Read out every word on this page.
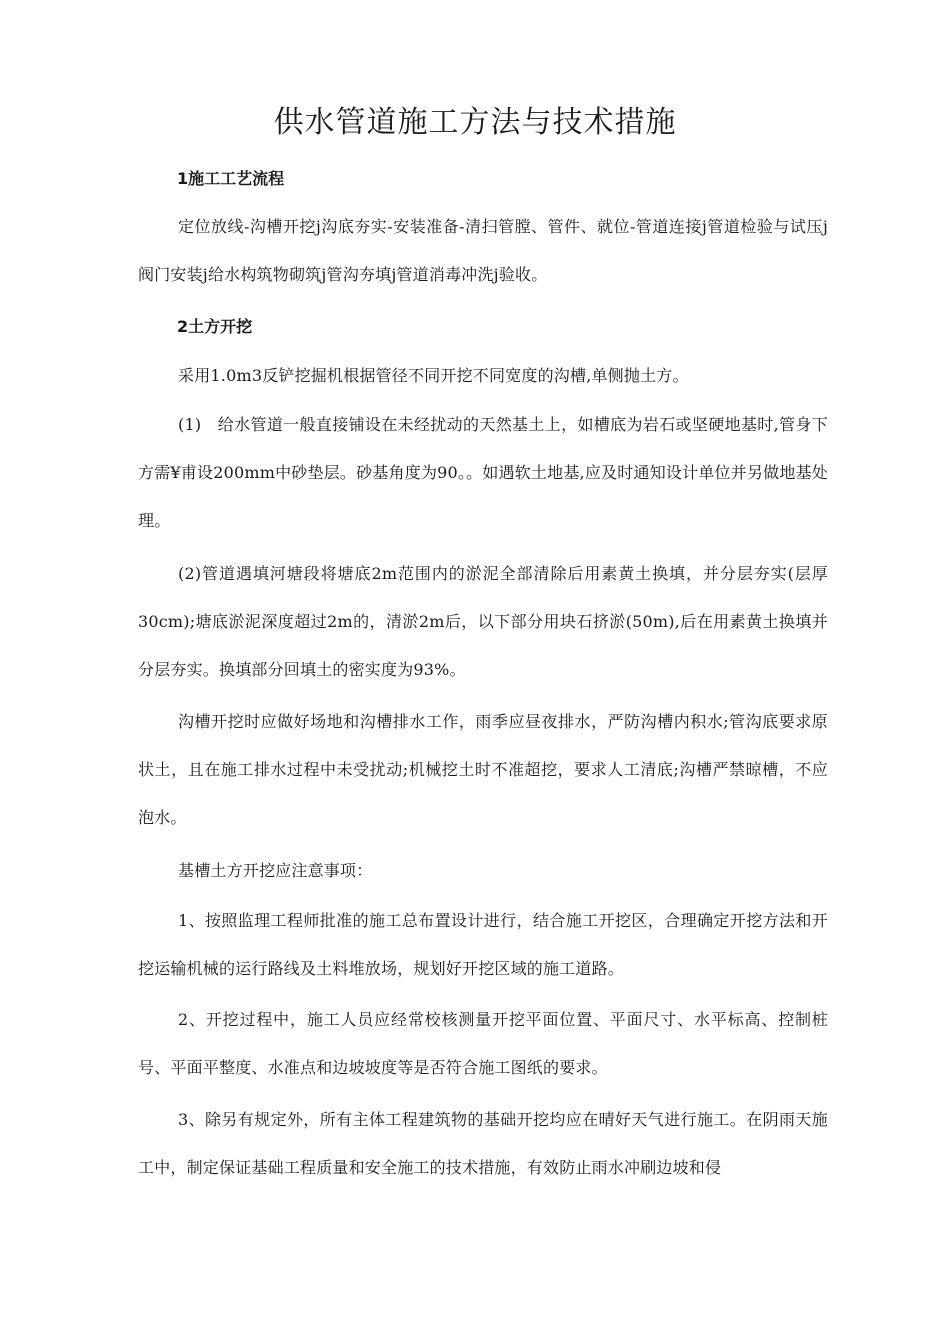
供水管道施工方法与技术措施
1施工工艺流程

定位放线-沟槽开挖j沟底夯实-安装准备-清扫管膛、管件、就位-管道连接j管道检验与试压j阀门安装j给水构筑物砌筑j管沟夯填j管道消毒冲洗j验收。

2土方开挖

采用1.0m3反铲挖掘机根据管径不同开挖不同宽度的沟槽,单侧抛土方。

(1)　给水管道一般直接铺设在未经扰动的天然基土上，如槽底为岩石或坚硬地基时,管身下方需¥甫设200mm中砂垫层。砂基角度为90。。如遇软土地基,应及时通知设计单位并另做地基处理。

(2)管道遇填河塘段将塘底2m范围内的淤泥全部清除后用素黄土换填，并分层夯实(层厚30cm);塘底淤泥深度超过2m的，清淤2m后，以下部分用块石挤淤(50m),后在用素黄土换填并分层夯实。换填部分回填土的密实度为93%。

沟槽开挖时应做好场地和沟槽排水工作，雨季应昼夜排水，严防沟槽内积水;管沟底要求原状土，且在施工排水过程中未受扰动;机械挖土时不准超挖，要求人工清底;沟槽严禁晾槽，不应泡水。

基槽土方开挖应注意事项：

1、按照监理工程师批准的施工总布置设计进行，结合施工开挖区，合理确定开挖方法和开挖运输机械的运行路线及土料堆放场，规划好开挖区域的施工道路。

2、开挖过程中，施工人员应经常校核测量开挖平面位置、平面尺寸、水平标高、控制桩号、平面平整度、水准点和边坡坡度等是否符合施工图纸的要求。

3、除另有规定外，所有主体工程建筑物的基础开挖均应在晴好天气进行施工。在阴雨天施工中，制定保证基础工程质量和安全施工的技术措施，有效防止雨水冲刷边坡和侵
